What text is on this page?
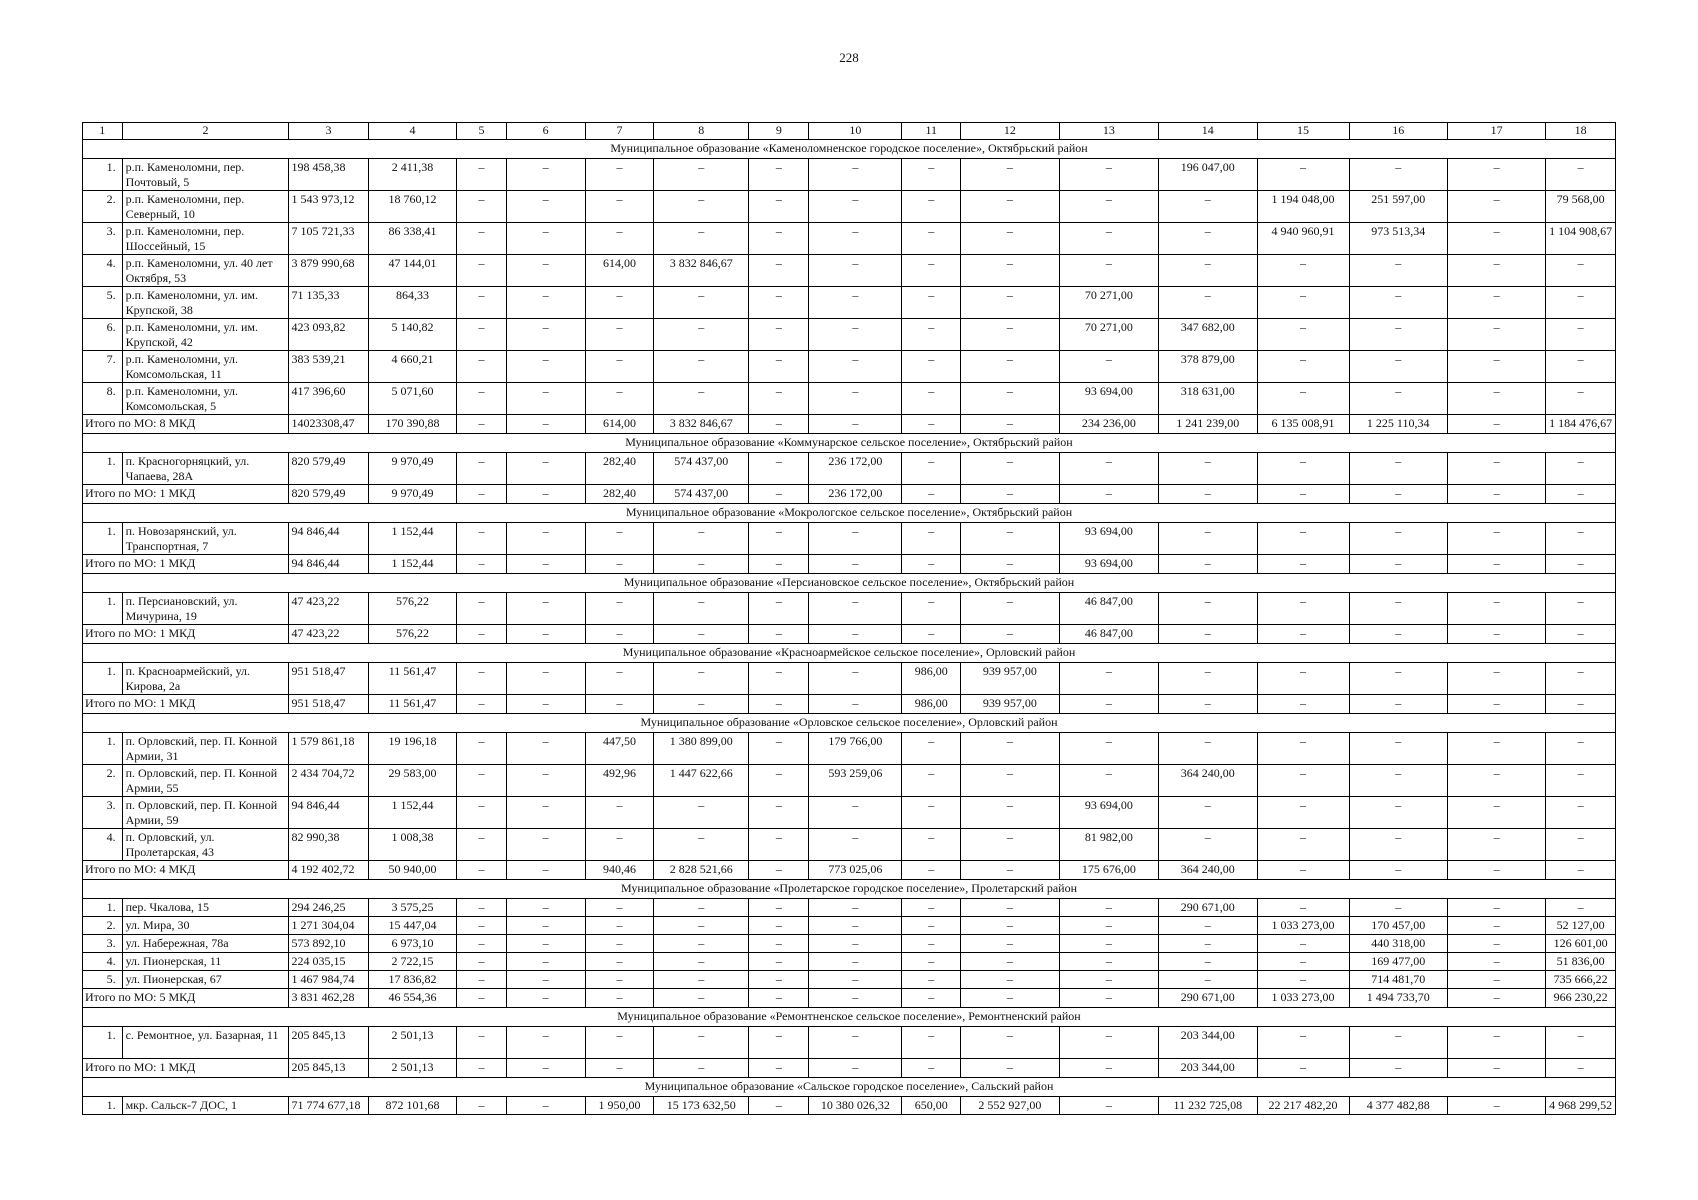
228
1	2	3	4	5	6	7	8	9	10	11	12	13	14	15	16	17	18
Муниципальное образование «Каменоломненское городское поселение», Октябрьский район																	
1.	р.п. Каменоломни, пер. Почтовый, 5	198 458,38	2 411,38	–	–	–	–	–	–	–	–	–	196 047,00	–	–	–	–
2.	р.п. Каменоломни, пер. Северный, 10	1 543 973,12	18 760,12	–	–	–	–	–	–	–	–	–	–	1 194 048,00	251 597,00	–	79 568,00
3.	р.п. Каменоломни, пер. Шоссейный, 15	7 105 721,33	86 338,41	–	–	–	–	–	–	–	–	–	–	4 940 960,91	973 513,34	–	1 104 908,67
4.	р.п. Каменоломни, ул. 40 лет Октября, 53	3 879 990,68	47 144,01	–	–	614,00	3 832 846,67	–	–	–	–	–	–	–	–	–	–
5.	р.п. Каменоломни, ул. им. Крупской, 38	71 135,33	864,33	–	–	–	–	–	–	–	–	70 271,00	–	–	–	–	–
6.	р.п. Каменоломни, ул. им. Крупской, 42	423 093,82	5 140,82	–	–	–	–	–	–	–	–	70 271,00	347 682,00	–	–	–	–
7.	р.п. Каменоломни, ул. Комсомольская, 11	383 539,21	4 660,21	–	–	–	–	–	–	–	–	–	378 879,00	–	–	–	–
8.	р.п. Каменоломни, ул. Комсомольская, 5	417 396,60	5 071,60	–	–	–	–	–	–	–	–	93 694,00	318 631,00	–	–	–	–
Итого по МО: 8 МКД		14023308,47	170 390,88	–	–	614,00	3 832 846,67	–	–	–	–	234 236,00	1 241 239,00	6 135 008,91	1 225 110,34	–	1 184 476,67
Муниципальное образование «Коммунарское сельское поселение», Октябрьский район																	
1.	п. Красногорняцкий, ул. Чапаева, 28А	820 579,49	9 970,49	–	–	282,40	574 437,00	–	236 172,00	–	–	–	–	–	–	–	–
Итого по МО: 1 МКД		820 579,49	9 970,49	–	–	282,40	574 437,00	–	236 172,00	–	–	–	–	–	–	–	–
Муниципальное образование «Мокрологское сельское поселение», Октябрьский район																	
1.	п. Новозарянский, ул. Транспортная, 7	94 846,44	1 152,44	–	–	–	–	–	–	–	–	93 694,00	–	–	–	–	–
Итого по МО: 1 МКД		94 846,44	1 152,44	–	–	–	–	–	–	–	–	93 694,00	–	–	–	–	–
Муниципальное образование «Персиановское сельское поселение», Октябрьский район																	
1.	п. Персиановский, ул. Мичурина, 19	47 423,22	576,22	–	–	–	–	–	–	–	–	46 847,00	–	–	–	–	–
Итого по МО: 1 МКД		47 423,22	576,22	–	–	–	–	–	–	–	–	46 847,00	–	–	–	–	–
Муниципальное образование «Красноармейское сельское поселение», Орловский район																	
1.	п. Красноармейский, ул. Кирова, 2а	951 518,47	11 561,47	–	–	–	–	–	–	986,00	939 957,00	–	–	–	–	–	–
Итого по МО: 1 МКД		951 518,47	11 561,47	–	–	–	–	–	–	986,00	939 957,00	–	–	–	–	–	–
Муниципальное образование «Орловское сельское поселение», Орловский район																	
1.	п. Орловский, пер. П. Конной Армии, 31	1 579 861,18	19 196,18	–	–	447,50	1 380 899,00	–	179 766,00	–	–	–	–	–	–	–	–
2.	п. Орловский, пер. П. Конной Армии, 55	2 434 704,72	29 583,00	–	–	492,96	1 447 622,66	–	593 259,06	–	–	–	364 240,00	–	–	–	–
3.	п. Орловский, пер. П. Конной Армии, 59	94 846,44	1 152,44	–	–	–	–	–	–	–	–	93 694,00	–	–	–	–	–
4.	п. Орловский, ул. Пролетарская, 43	82 990,38	1 008,38	–	–	–	–	–	–	–	–	81 982,00	–	–	–	–	–
Итого по МО: 4 МКД		4 192 402,72	50 940,00	–	–	940,46	2 828 521,66	–	773 025,06	–	–	175 676,00	364 240,00	–	–	–	–
Муниципальное образование «Пролетарское городское поселение», Пролетарский район																	
1.	пер. Чкалова, 15	294 246,25	3 575,25	–	–	–	–	–	–	–	–	–	290 671,00	–	–	–	–
2.	ул. Мира, 30	1 271 304,04	15 447,04	–	–	–	–	–	–	–	–	–	–	1 033 273,00	170 457,00	–	52 127,00
3.	ул. Набережная, 78а	573 892,10	6 973,10	–	–	–	–	–	–	–	–	–	–	–	440 318,00	–	126 601,00
4.	ул. Пионерская, 11	224 035,15	2 722,15	–	–	–	–	–	–	–	–	–	–	–	169 477,00	–	51 836,00
5.	ул. Пионерская, 67	1 467 984,74	17 836,82	–	–	–	–	–	–	–	–	–	–	–	714 481,70	–	735 666,22
Итого по МО: 5 МКД		3 831 462,28	46 554,36	–	–	–	–	–	–	–	–	–	290 671,00	1 033 273,00	1 494 733,70	–	966 230,22
Муниципальное образование «Ремонтненское сельское поселение», Ремонтненский район																	
1.	с. Ремонтное, ул. Базарная, 11	205 845,13	2 501,13	–	–	–	–	–	–	–	–	–	203 344,00	–	–	–	–
Итого по МО: 1 МКД		205 845,13	2 501,13	–	–	–	–	–	–	–	–	–	203 344,00	–	–	–	–
Муниципальное образование «Сальское городское поселение», Сальский район																	
1.	мкр. Сальск-7 ДОС, 1	71 774 677,18	872 101,68	–	–	1 950,00	15 173 632,50	–	10 380 026,32	650,00	2 552 927,00	–	11 232 725,08	22 217 482,20	4 377 482,88	–	4 968 299,52
